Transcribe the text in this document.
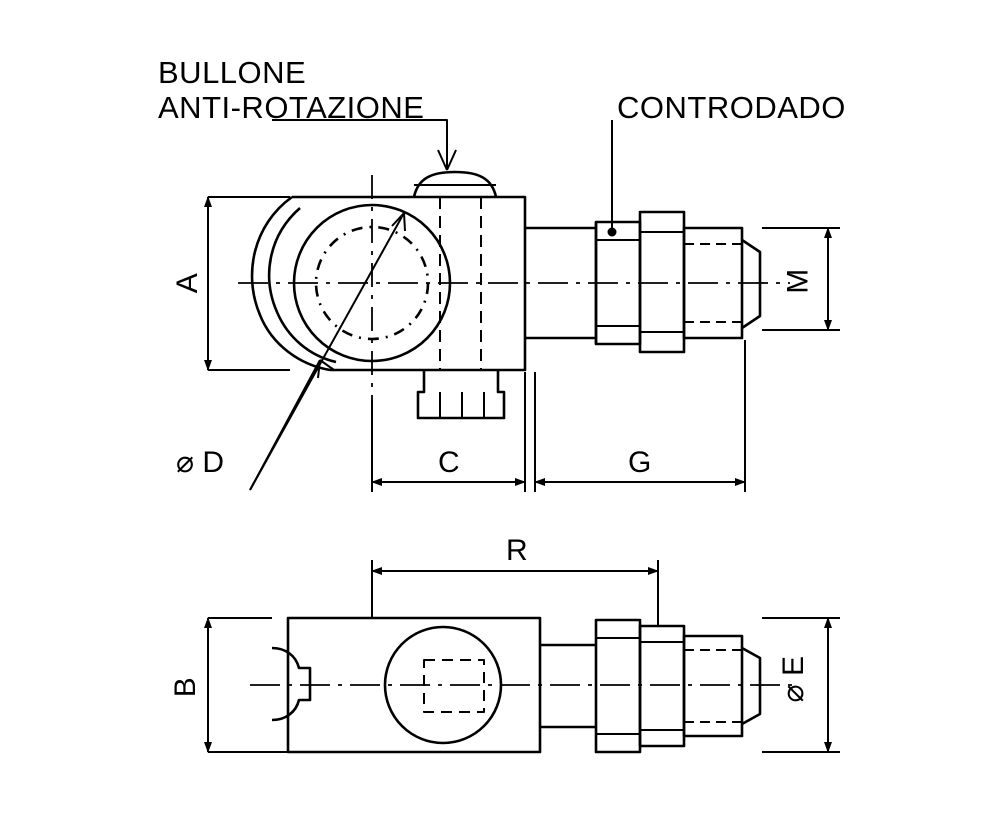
BULLONE
ANTI-ROTAZIONE	CONTRODADO
A
⌀ D	C	G
M
R
B	⌀ E
